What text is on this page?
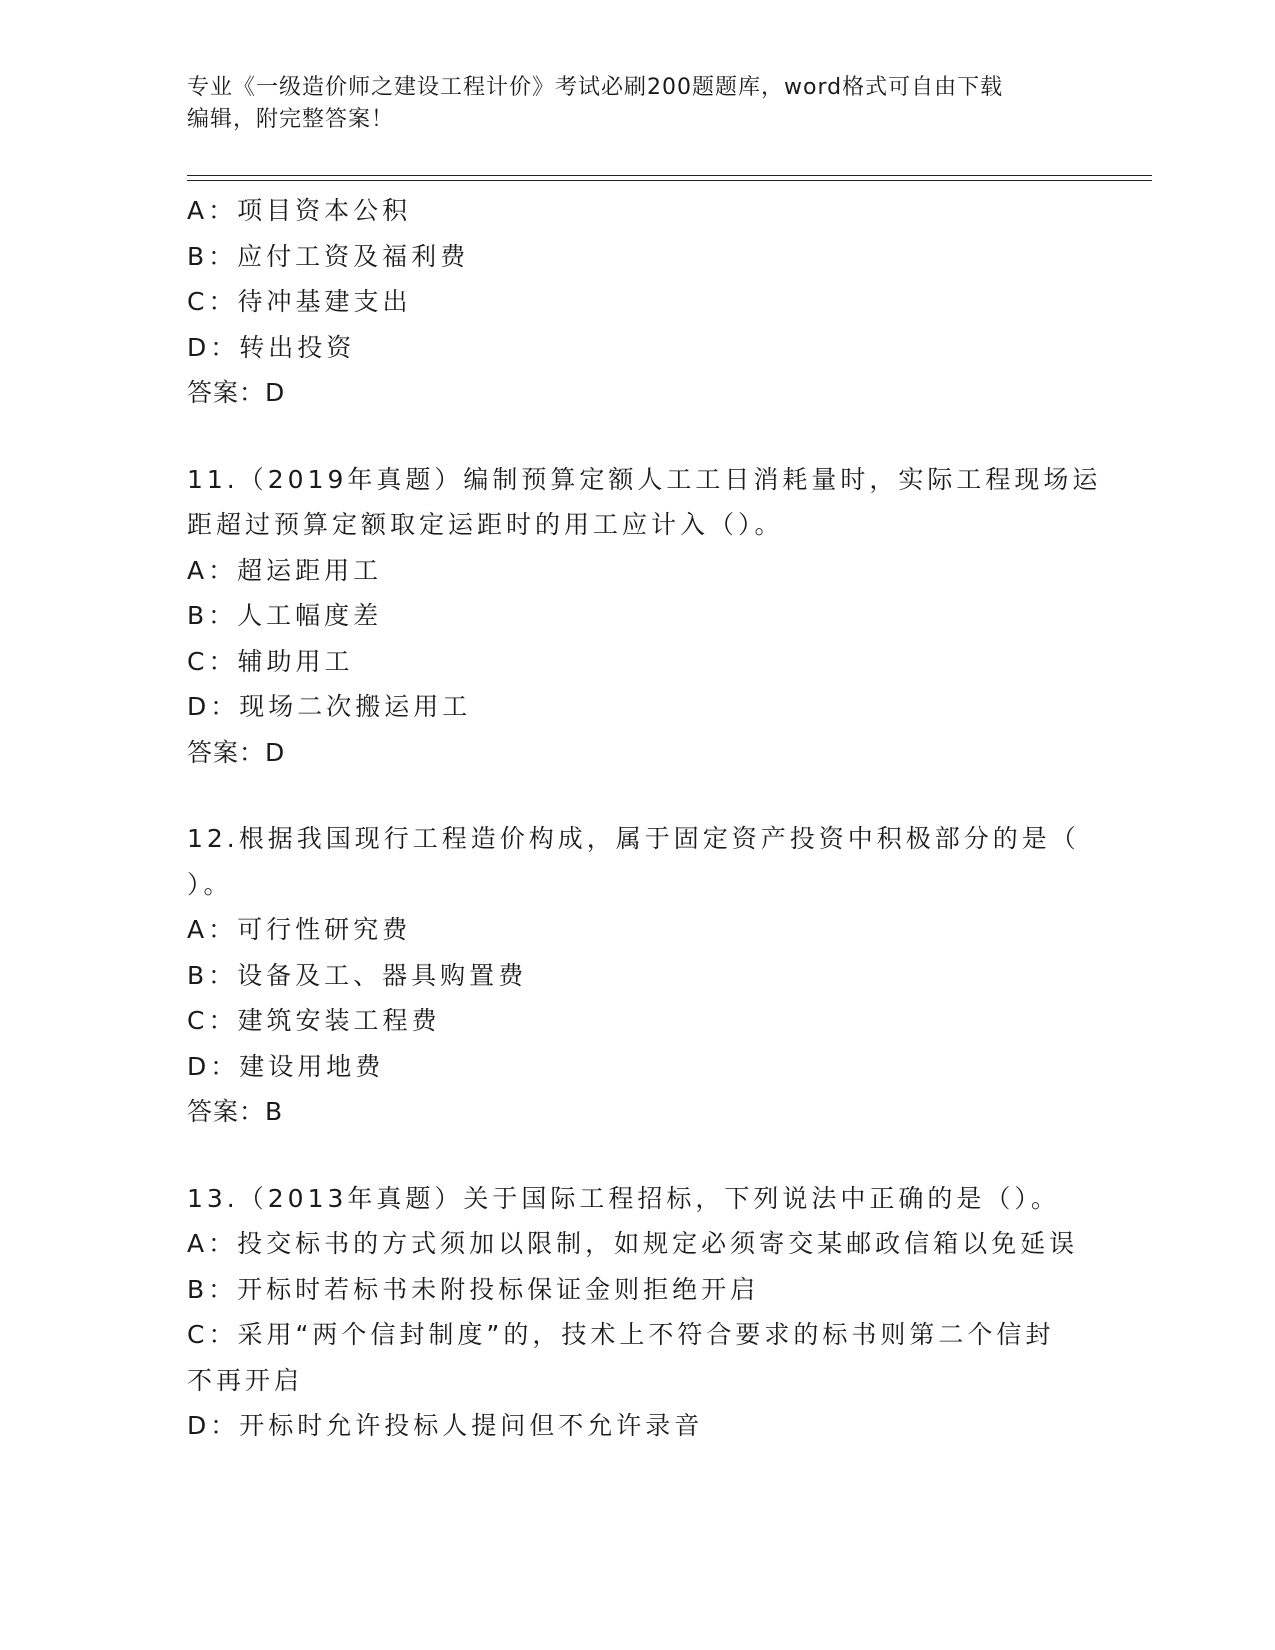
专业《一级造价师之建设工程计价》考试必刷200题题库，word格式可自由下载
编辑，附完整答案！
A：项目资本公积
B：应付工资及福利费
C：待冲基建支出
D：转出投资
答案：D
11.（2019年真题）编制预算定额人工工日消耗量时，实际工程现场运
距超过预算定额取定运距时的用工应计入（）。
A：超运距用工
B：人工幅度差
C：辅助用工
D：现场二次搬运用工
答案：D
12.根据我国现行工程造价构成，属于固定资产投资中积极部分的是（
）。
A：可行性研究费
B：设备及工、器具购置费
C：建筑安装工程费
D：建设用地费
答案：B
13.（2013年真题）关于国际工程招标，下列说法中正确的是（）。
A：投交标书的方式须加以限制，如规定必须寄交某邮政信箱以免延误
B：开标时若标书未附投标保证金则拒绝开启
C：采用“两个信封制度”的，技术上不符合要求的标书则第二个信封
不再开启
D：开标时允许投标人提问但不允许录音
